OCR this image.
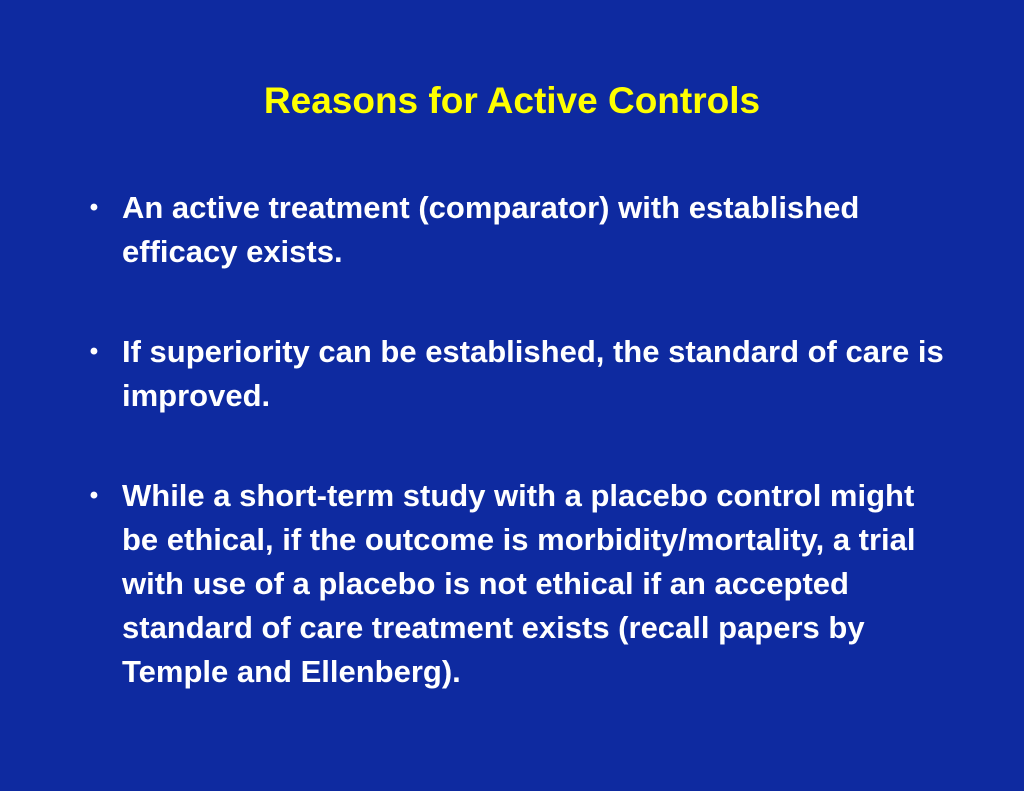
Reasons for Active Controls
• An active treatment (comparator) with established efficacy exists.
• If superiority can be established, the standard of care is improved.
• While a short-term study with a placebo control might be ethical, if the outcome is morbidity/mortality, a trial with use of a placebo is not ethical if an accepted standard of care treatment exists (recall papers by Temple and Ellenberg).
